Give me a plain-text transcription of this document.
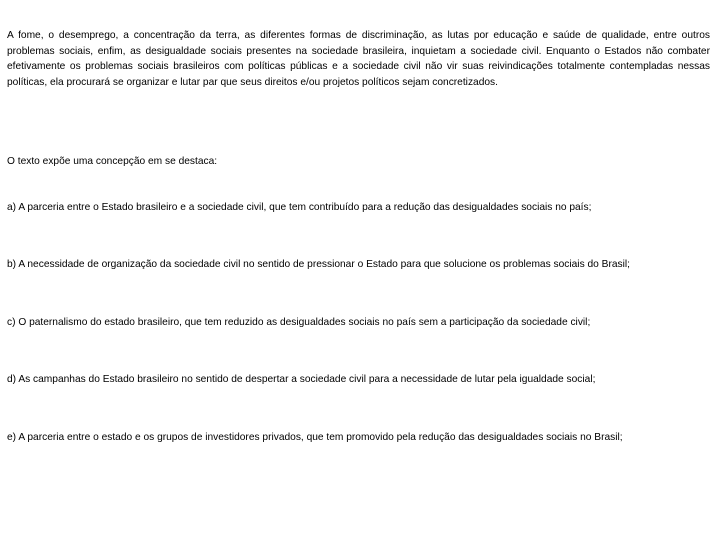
A fome, o desemprego, a concentração da terra, as diferentes formas de discriminação, as lutas por educação e saúde de qualidade, entre outros problemas sociais, enfim, as desigualdade sociais presentes na sociedade brasileira, inquietam a sociedade civil. Enquanto o Estados não combater efetivamente os problemas sociais brasileiros com políticas públicas e a sociedade civil não vir suas reivindicações totalmente contempladas nessas políticas, ela procurará se organizar e lutar par que seus direitos e/ou projetos políticos sejam concretizados.

O texto expõe uma concepção em se destaca:

a) A parceria entre o Estado brasileiro e a sociedade civil, que tem contribuído para a redução das desigualdades sociais no país;

b) A necessidade de organização da sociedade civil no sentido de pressionar o Estado para que solucione os problemas sociais do Brasil;

c) O paternalismo do estado brasileiro, que tem reduzido as desigualdades sociais no país sem a participação da sociedade civil;

d) As campanhas do Estado brasileiro no sentido de despertar a sociedade civil para a necessidade de lutar pela igualdade social;

e) A parceria entre o estado e os grupos de investidores privados, que tem promovido pela redução das desigualdades sociais no Brasil;
